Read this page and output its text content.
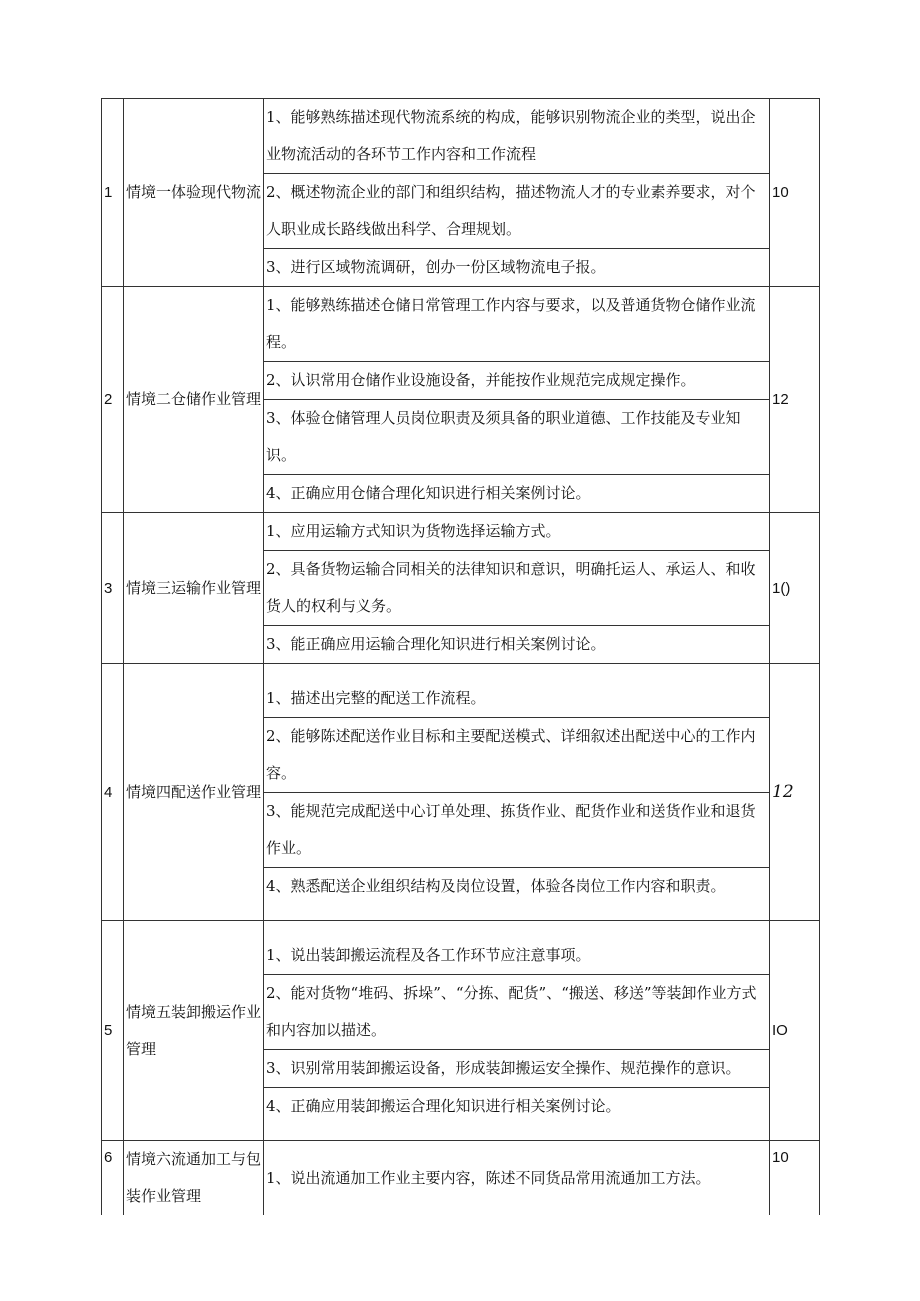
1	情境一体验现代物流	1、能够熟练描述现代物流系统的构成，能够识别物流企业的类型，说出企业物流活动的各环节工作内容和工作流程
2、概述物流企业的部门和组织结构，描述物流人才的专业素养要求，对个人职业成长路线做出科学、合理规划。
3、进行区域物流调研，创办一份区域物流电子报。	10
2	情境二仓储作业管理	1、能够熟练描述仓储日常管理工作内容与要求，以及普通货物仓储作业流程。
2、认识常用仓储作业设施设备，并能按作业规范完成规定操作。
3、体验仓储管理人员岗位职责及须具备的职业道德、工作技能及专业知识。
4、正确应用仓储合理化知识进行相关案例讨论。	12
3	情境三运输作业管理	1、应用运输方式知识为货物选择运输方式。
2、具备货物运输合同相关的法律知识和意识，明确托运人、承运人、和收货人的权利与义务。
3、能正确应用运输合理化知识进行相关案例讨论。	1()
4	情境四配送作业管理	1、描述出完整的配送工作流程。
2、能够陈述配送作业目标和主要配送模式、详细叙述出配送中心的工作内容。
3、能规范完成配送中心订单处理、拣货作业、配货作业和送货作业和退货作业。
4、熟悉配送企业组织结构及岗位设置，体验各岗位工作内容和职责。	12
5	情境五装卸搬运作业管理	1、说出装卸搬运流程及各工作环节应注意事项。
2、能对货物“堆码、拆垛”、“分拣、配货”、“搬送、移送”等装卸作业方式和内容加以描述。
3、识别常用装卸搬运设备，形成装卸搬运安全操作、规范操作的意识。
4、正确应用装卸搬运合理化知识进行相关案例讨论。	IO
6	情境六流通加工与包装作业管理	1、说出流通加工作业主要内容，陈述不同货品常用流通加工方法。	10
